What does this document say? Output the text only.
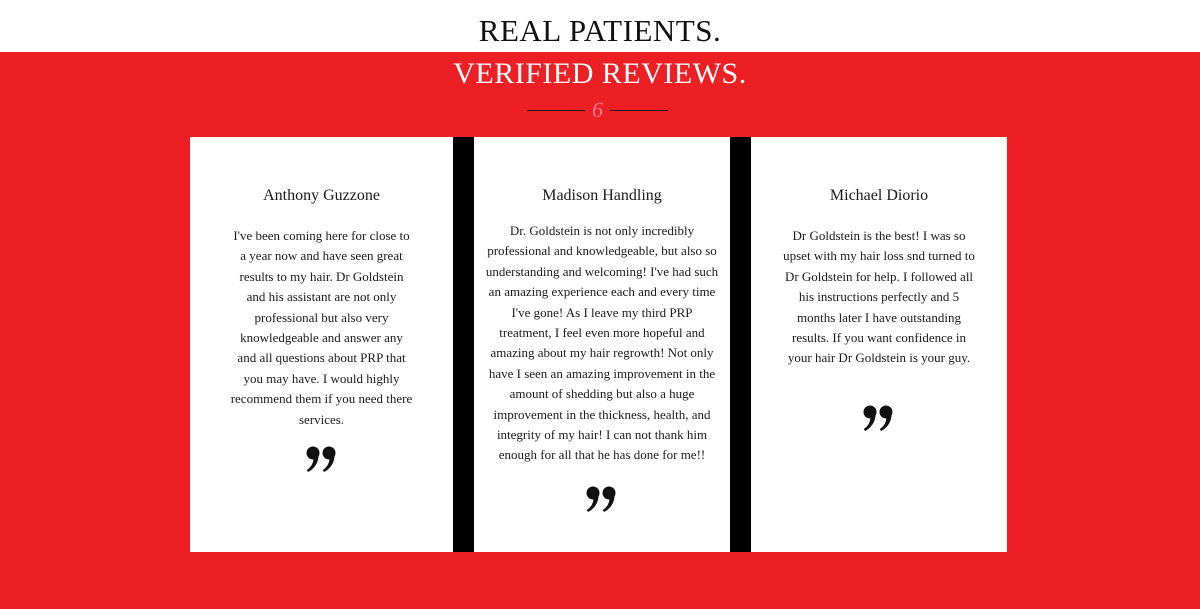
REAL PATIENTS.
VERIFIED REVIEWS.
6
Anthony Guzzone

I've been coming here for close to a year now and have seen great results to my hair. Dr Goldstein and his assistant are not only professional but also very knowledgeable and answer any and all questions about PRP that you may have. I would highly recommend them if you need there services.

Madison Handling

Dr. Goldstein is not only incredibly professional and knowledgeable, but also so understanding and welcoming! I've had such an amazing experience each and every time I've gone! As I leave my third PRP treatment, I feel even more hopeful and amazing about my hair regrowth! Not only have I seen an amazing improvement in the amount of shedding but also a huge improvement in the thickness, health, and integrity of my hair! I can not thank him enough for all that he has done for me!!

Michael Diorio

Dr Goldstein is the best! I was so upset with my hair loss snd turned to Dr Goldstein for help. I followed all his instructions perfectly and 5 months later I have outstanding results. If you want confidence in your hair Dr Goldstein is your guy.
